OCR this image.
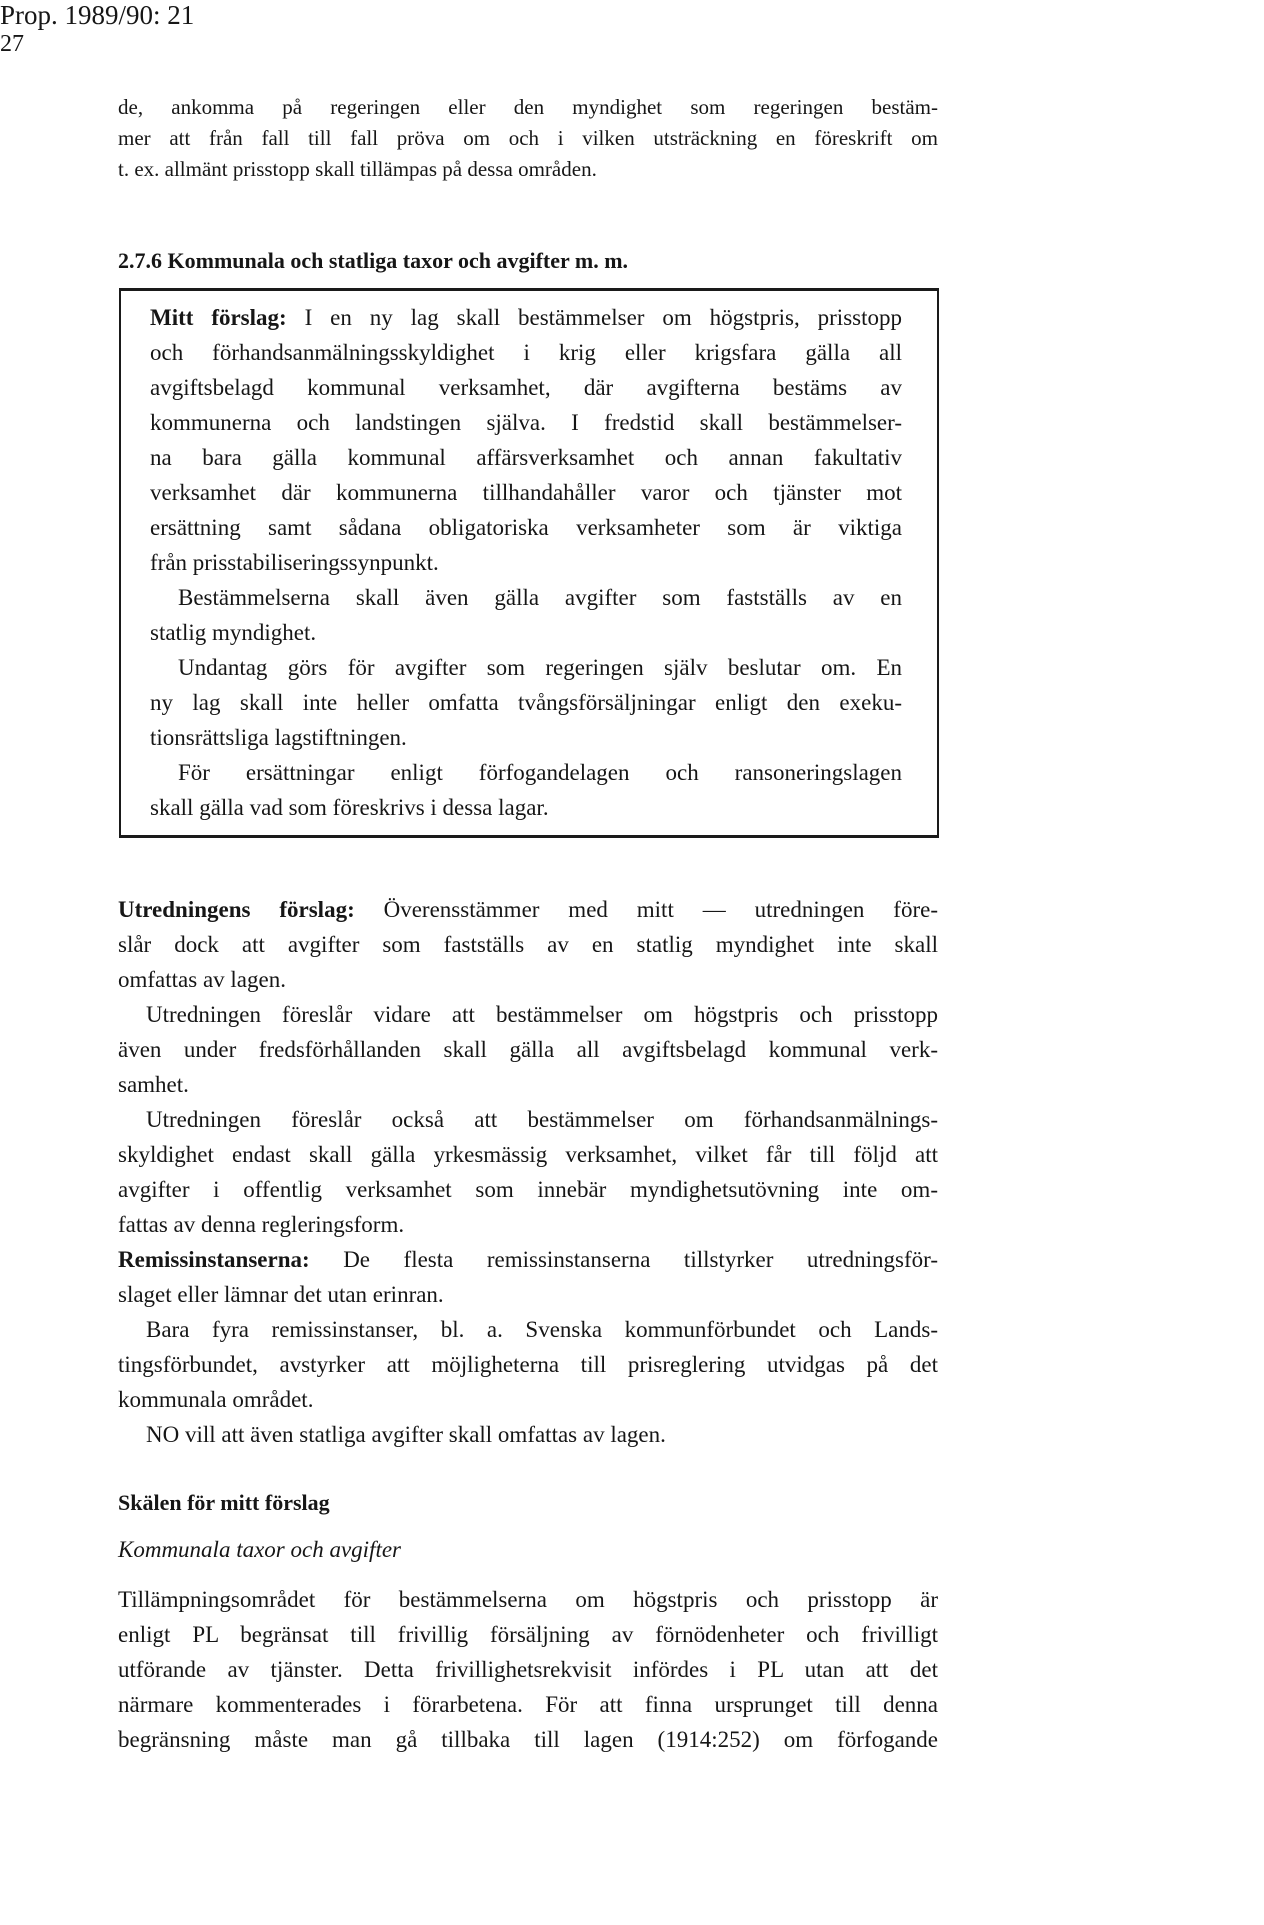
Prop. 1989/90: 21
27
de, ankomma på regeringen eller den myndighet som regeringen bestäm-
mer att från fall till fall pröva om och i vilken utsträckning en föreskrift om
t. ex. allmänt prisstopp skall tillämpas på dessa områden.
2.7.6 Kommunala och statliga taxor och avgifter m. m.
Mitt förslag: I en ny lag skall bestämmelser om högstpris, prisstopp
och förhandsanmälningsskyldighet i krig eller krigsfara gälla all
avgiftsbelagd kommunal verksamhet, där avgifterna bestäms av
kommunerna och landstingen själva. I fredstid skall bestämmelser-
na bara gälla kommunal affärsverksamhet och annan fakultativ
verksamhet där kommunerna tillhandahåller varor och tjänster mot
ersättning samt sådana obligatoriska verksamheter som är viktiga
från prisstabiliseringssynpunkt.
Bestämmelserna skall även gälla avgifter som fastställs av en
statlig myndighet.
Undantag görs för avgifter som regeringen själv beslutar om. En
ny lag skall inte heller omfatta tvångsförsäljningar enligt den exeku-
tionsrättsliga lagstiftningen.
För ersättningar enligt förfogandelagen och ransoneringslagen
skall gälla vad som föreskrivs i dessa lagar.
Utredningens förslag: Överensstämmer med mitt — utredningen före-
slår dock att avgifter som fastställs av en statlig myndighet inte skall
omfattas av lagen.
Utredningen föreslår vidare att bestämmelser om högstpris och prisstopp
även under fredsförhållanden skall gälla all avgiftsbelagd kommunal verk-
samhet.
Utredningen föreslår också att bestämmelser om förhandsanmälnings-
skyldighet endast skall gälla yrkesmässig verksamhet, vilket får till följd att
avgifter i offentlig verksamhet som innebär myndighetsutövning inte om-
fattas av denna regleringsform.
Remissinstanserna: De flesta remissinstanserna tillstyrker utredningsför-
slaget eller lämnar det utan erinran.
Bara fyra remissinstanser, bl. a. Svenska kommunförbundet och Lands-
tingsförbundet, avstyrker att möjligheterna till prisreglering utvidgas på det
kommunala området.
NO vill att även statliga avgifter skall omfattas av lagen.
Skälen för mitt förslag
Kommunala taxor och avgifter
Tillämpningsområdet för bestämmelserna om högstpris och prisstopp är
enligt PL begränsat till frivillig försäljning av förnödenheter och frivilligt
utförande av tjänster. Detta frivillighetsrekvisit infördes i PL utan att det
närmare kommenterades i förarbetena. För att finna ursprunget till denna
begränsning måste man gå tillbaka till lagen (1914:252) om förfogande
